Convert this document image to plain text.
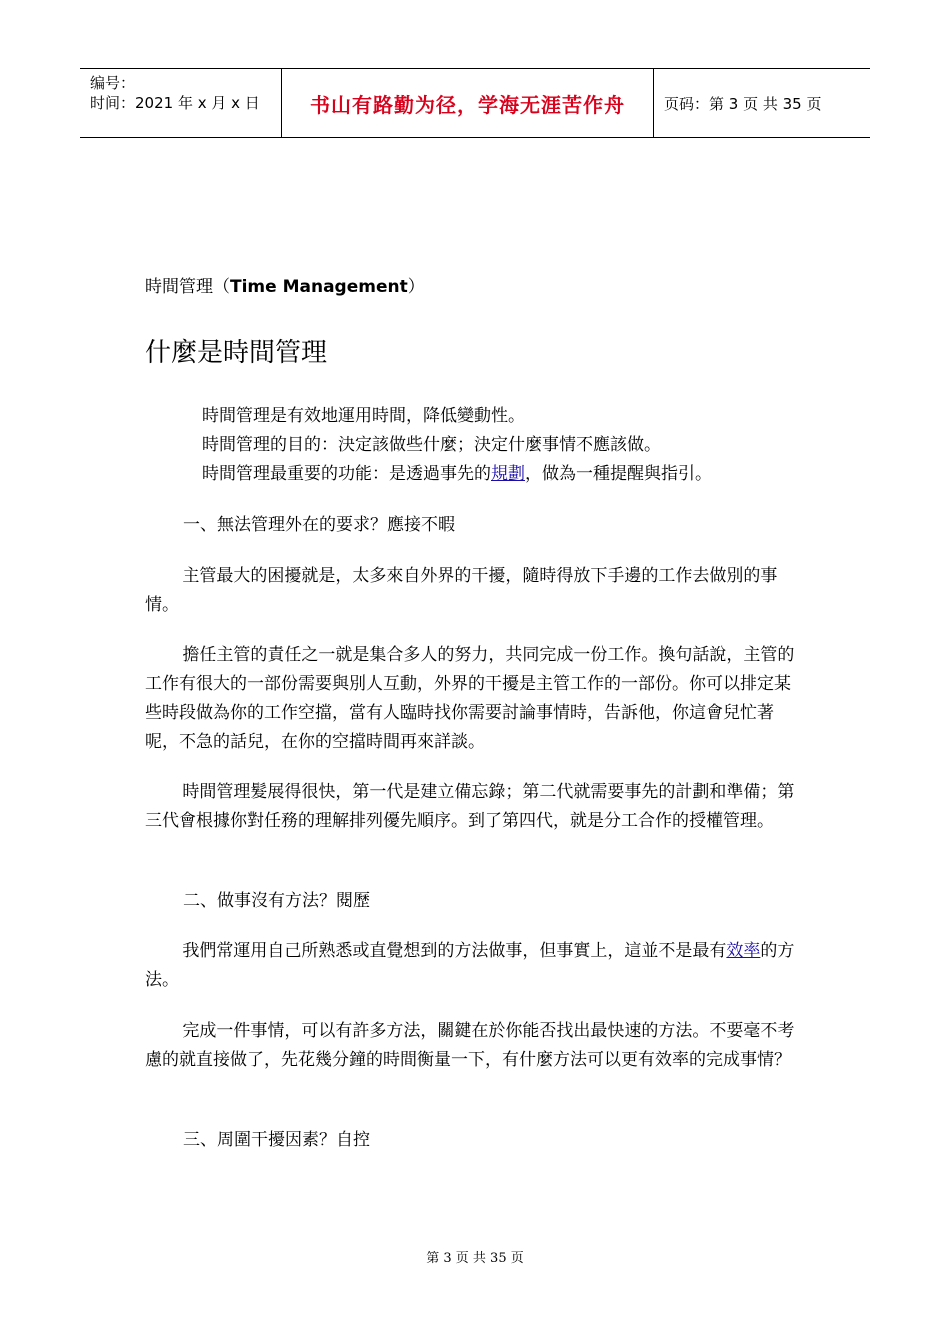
编号：
时间：2021 年 x 月 x 日	书山有路勤为径，学海无涯苦作舟	页码：第 3 页 共 35 页
時間管理（Time Management）
什麼是時間管理
時間管理是有效地運用時間，降低變動性。
時間管理的目的：決定該做些什麼；決定什麼事情不應該做。
時間管理最重要的功能：是透過事先的規劃，做為一種提醒與指引。
一、無法管理外在的要求？應接不暇
主管最大的困擾就是，太多來自外界的干擾，隨時得放下手邊的工作去做別的事情。
擔任主管的責任之一就是集合多人的努力，共同完成一份工作。換句話說，主管的工作有很大的一部份需要與別人互動，外界的干擾是主管工作的一部份。你可以排定某些時段做為你的工作空擋，當有人臨時找你需要討論事情時，告訴他，你這會兒忙著呢，不急的話兒，在你的空擋時間再來詳談。
時間管理髮展得很快，第一代是建立備忘錄；第二代就需要事先的計劃和準備；第三代會根據你對任務的理解排列優先順序。到了第四代，就是分工合作的授權管理。
二、做事沒有方法？閱歷
我們常運用自己所熟悉或直覺想到的方法做事，但事實上，這並不是最有效率的方法。
完成一件事情，可以有許多方法，關鍵在於你能否找出最快速的方法。不要毫不考慮的就直接做了，先花幾分鐘的時間衡量一下，有什麼方法可以更有效率的完成事情？
三、周圍干擾因素？自控
第 3 页 共 35 页
